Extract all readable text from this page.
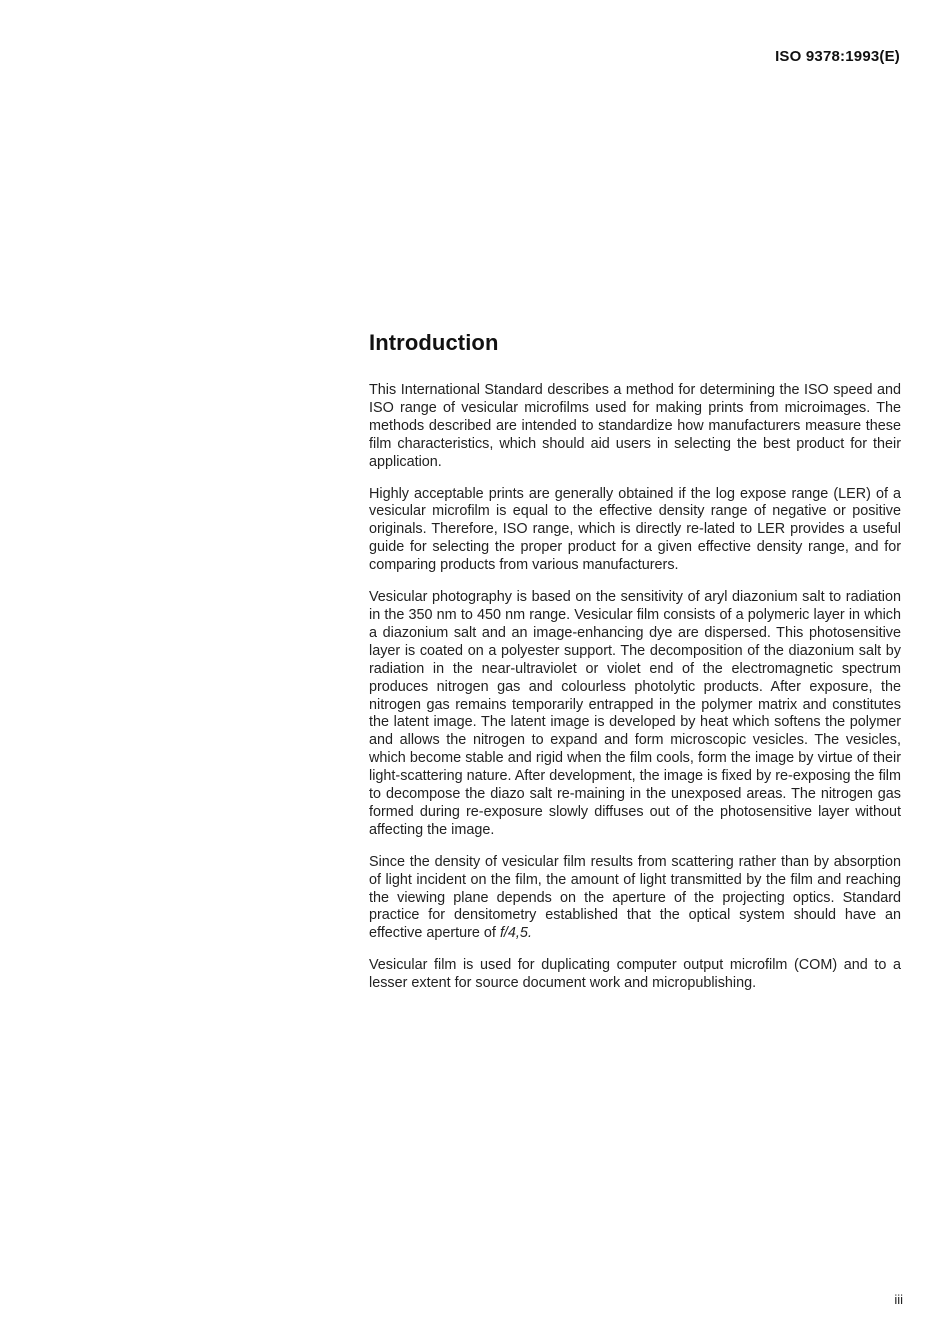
ISO 9378:1993(E)
Introduction

This International Standard describes a method for determining the ISO speed and ISO range of vesicular microfilms used for making prints from microimages. The methods described are intended to standardize how manufacturers measure these film characteristics, which should aid users in selecting the best product for their application.

Highly acceptable prints are generally obtained if the log expose range (LER) of a vesicular microfilm is equal to the effective density range of negative or positive originals. Therefore, ISO range, which is directly re-lated to LER provides a useful guide for selecting the proper product for a given effective density range, and for comparing products from various manufacturers.

Vesicular photography is based on the sensitivity of aryl diazonium salt to radiation in the 350 nm to 450 nm range. Vesicular film consists of a polymeric layer in which a diazonium salt and an image-enhancing dye are dispersed. This photosensitive layer is coated on a polyester support. The decomposition of the diazonium salt by radiation in the near-ultraviolet or violet end of the electromagnetic spectrum produces nitrogen gas and colourless photolytic products. After exposure, the nitrogen gas remains temporarily entrapped in the polymer matrix and constitutes the latent image. The latent image is developed by heat which softens the polymer and allows the nitrogen to expand and form microscopic vesicles. The vesicles, which become stable and rigid when the film cools, form the image by virtue of their light-scattering nature. After development, the image is fixed by re-exposing the film to decompose the diazo salt re-maining in the unexposed areas. The nitrogen gas formed during re-exposure slowly diffuses out of the photosensitive layer without affecting the image.

Since the density of vesicular film results from scattering rather than by absorption of light incident on the film, the amount of light transmitted by the film and reaching the viewing plane depends on the aperture of the projecting optics. Standard practice for densitometry established that the optical system should have an effective aperture of f/4,5.

Vesicular film is used for duplicating computer output microfilm (COM) and to a lesser extent for source document work and micropublishing.

iii
